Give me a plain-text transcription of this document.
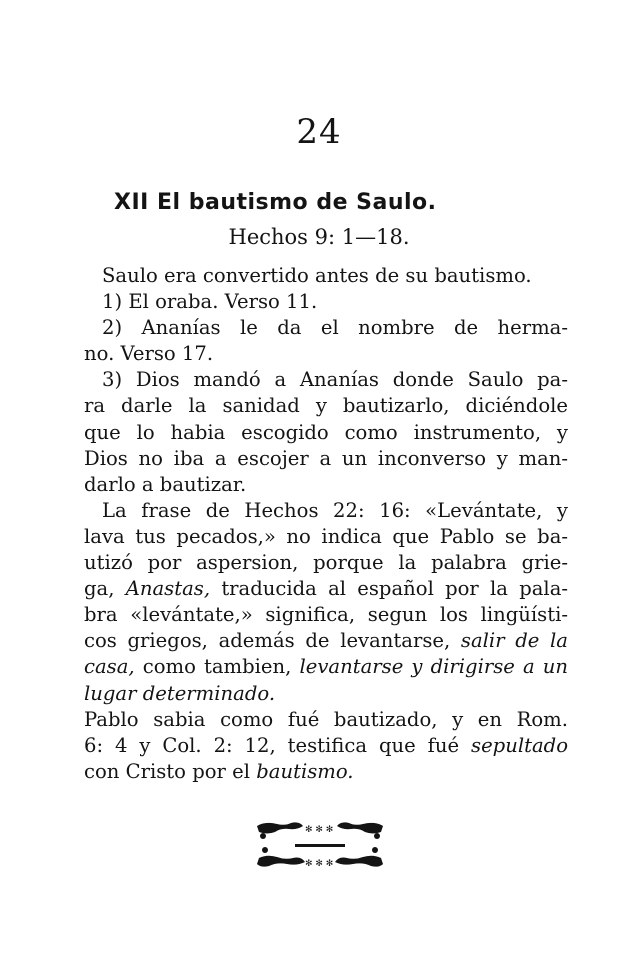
24
XII El bautismo de Saulo.
Hechos 9: 1—18.
Saulo era convertido antes de su bautismo.
1) El oraba. Verso 11.
2) Ananías le da el nombre de herma-
no. Verso 17.
3) Dios mandó a Ananías donde Saulo pa-
ra darle la sanidad y bautizarlo, diciéndole
que lo habia escogido como instrumento, y
Dios no iba a escojer a un inconverso y man-
darlo a bautizar.
La frase de Hechos 22: 16: «Levántate, y
lava tus pecados,» no indica que Pablo se ba-
utizó por aspersion, porque la palabra grie-
ga, Anastas, traducida al español por la pala-
bra «levántate,» significa, segun los lingüísti-
cos griegos, además de levantarse, salir de la
casa, como tambien, levantarse y dirigirse a un
lugar determinado.
Pablo sabia como fué bautizado, y en Rom.
6: 4 y Col. 2: 12, testifica que fué sepultado
con Cristo por el bautismo.
✻ ✻ ✻
✻ ✻ ✻
